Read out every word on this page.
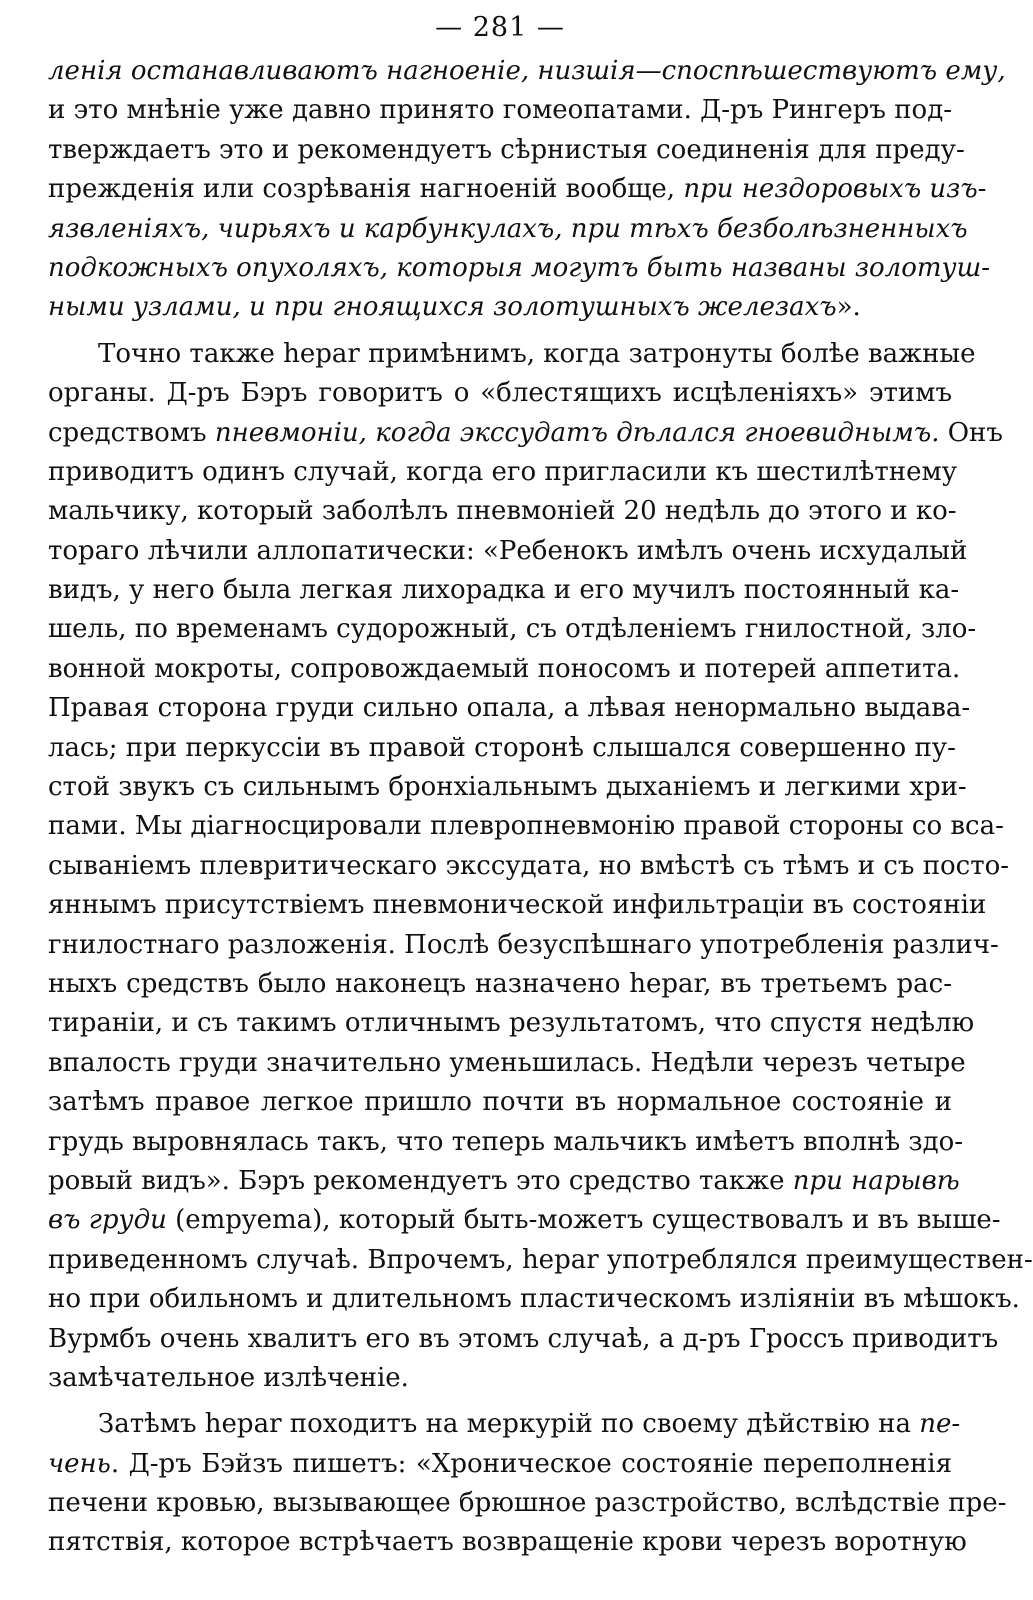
— 281 —
ленія останавливаютъ нагноеніе, низшія—споспѣшествуютъ ему,
и это мнѣніе уже давно принято гомеопатами. Д-ръ Рингеръ под-
тверждаетъ это и рекомендуетъ сѣрнистыя соединенія для преду-
прежденія или созрѣванія нагноеній вообще, при нездоровыхъ изъ-
язвленіяхъ, чирьяхъ и карбункулахъ, при тѣхъ безболѣзненныхъ
подкожныхъ опухоляхъ, которыя могутъ быть названы золотуш-
ными узлами, и при гноящихся золотушныхъ железахъ».
Точно также hepar примѣнимъ, когда затронуты болѣе важные
органы. Д-ръ Бэръ говоритъ о «блестящихъ исцѣленіяхъ» этимъ
средствомъ пневмоніи, когда экссудатъ дѣлался гноевиднымъ. Онъ
приводитъ одинъ случай, когда его пригласили къ шестилѣтнему
мальчику, который заболѣлъ пневмоніей 20 недѣль до этого и ко-
тораго лѣчили аллопатически: «Ребенокъ имѣлъ очень исхудалый
видъ, у него была легкая лихорадка и его мучилъ постоянный ка-
шель, по временамъ судорожный, съ отдѣленіемъ гнилостной, зло-
вонной мокроты, сопровождаемый поносомъ и потерей аппетита.
Правая сторона груди сильно опала, а лѣвая ненормально выдава-
лась; при перкуссіи въ правой сторонѣ слышался совершенно пу-
стой звукъ съ сильнымъ бронхіальнымъ дыханіемъ и легкими хри-
пами. Мы діагносцировали плевропневмонію правой стороны со вса-
сываніемъ плевритическаго экссудата, но вмѣстѣ съ тѣмъ и съ посто-
яннымъ присутствіемъ пневмонической инфильтраціи въ состояніи
гнилостнаго разложенія. Послѣ безуспѣшнаго употребленія различ-
ныхъ средствъ было наконецъ назначено hepar, въ третьемъ рас-
тираніи, и съ такимъ отличнымъ результатомъ, что спустя недѣлю
впалость груди значительно уменьшилась. Недѣли черезъ четыре
затѣмъ правое легкое пришло почти въ нормальное состояніе и
грудь выровнялась такъ, что теперь мальчикъ имѣетъ вполнѣ здо-
ровый видъ». Бэръ рекомендуетъ это средство также при нарывѣ
въ груди (empyema), который быть-можетъ существовалъ и въ выше-
приведенномъ случаѣ. Впрочемъ, hepar употреблялся преимуществен-
но при обильномъ и длительномъ пластическомъ изліяніи въ мѣшокъ.
Вурмбъ очень хвалитъ его въ этомъ случаѣ, а д-ръ Гроссъ приводитъ
замѣчательное излѣченіе.
Затѣмъ hepar походитъ на меркурій по своему дѣйствію на пе-
чень. Д-ръ Бэйзъ пишетъ: «Хроническое состояніе переполненія
печени кровью, вызывающее брюшное разстройство, вслѣдствіе пре-
пятствія, которое встрѣчаетъ возвращеніе крови черезъ воротную
